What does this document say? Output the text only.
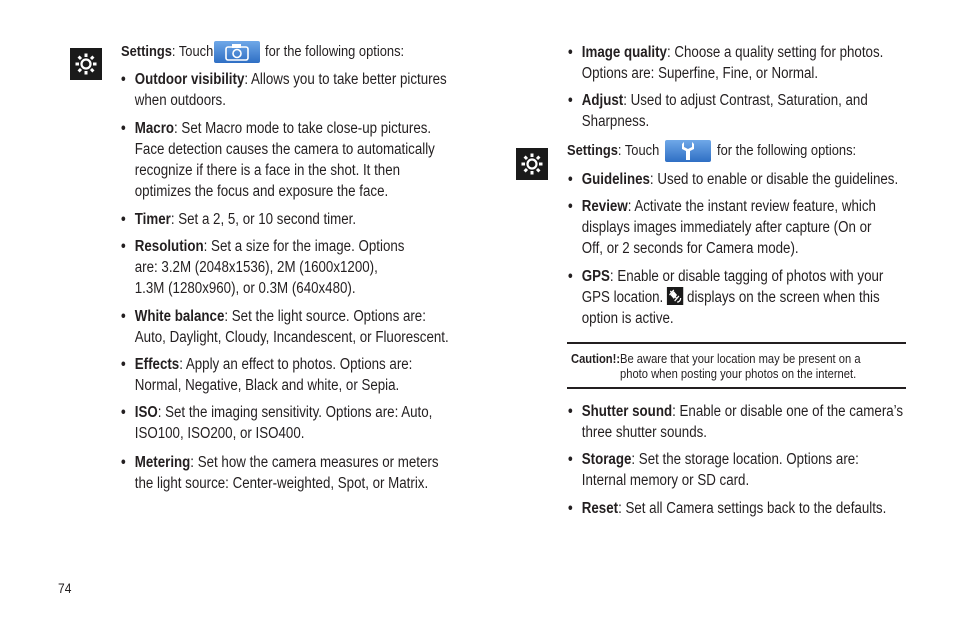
Settings: Touch	for the following options:
• Outdoor visibility: Allows you to take better pictures
when outdoors.
• Macro: Set Macro mode to take close-up pictures.
Face detection causes the camera to automatically
recognize if there is a face in the shot. It then
optimizes the focus and exposure the face.
• Timer: Set a 2, 5, or 10 second timer.
• Resolution: Set a size for the image. Options
are: 3.2M (2048x1536), 2M (1600x1200),
1.3M (1280x960), or 0.3M (640x480).
• White balance: Set the light source. Options are:
Auto, Daylight, Cloudy, Incandescent, or Fluorescent.
• Effects: Apply an effect to photos. Options are:
Normal, Negative, Black and white, or Sepia.
• ISO: Set the imaging sensitivity. Options are: Auto,
ISO100, ISO200, or ISO400.
• Metering: Set how the camera measures or meters
the light source: Center-weighted, Spot, or Matrix.
• Image quality: Choose a quality setting for photos.
Options are: Superfine, Fine, or Normal.
• Adjust: Used to adjust Contrast, Saturation, and
Sharpness.
Settings: Touch	for the following options:
• Guidelines: Used to enable or disable the guidelines.
• Review: Activate the instant review feature, which
displays images immediately after capture (On or
Off, or 2 seconds for Camera mode).
• GPS: Enable or disable tagging of photos with your
GPS location. displays on the screen when this
option is active.
Caution!: Be aware that your location may be present on a
photo when posting your photos on the internet.
• Shutter sound: Enable or disable one of the camera’s
three shutter sounds.
• Storage: Set the storage location. Options are:
Internal memory or SD card.
• Reset: Set all Camera settings back to the defaults.
74
